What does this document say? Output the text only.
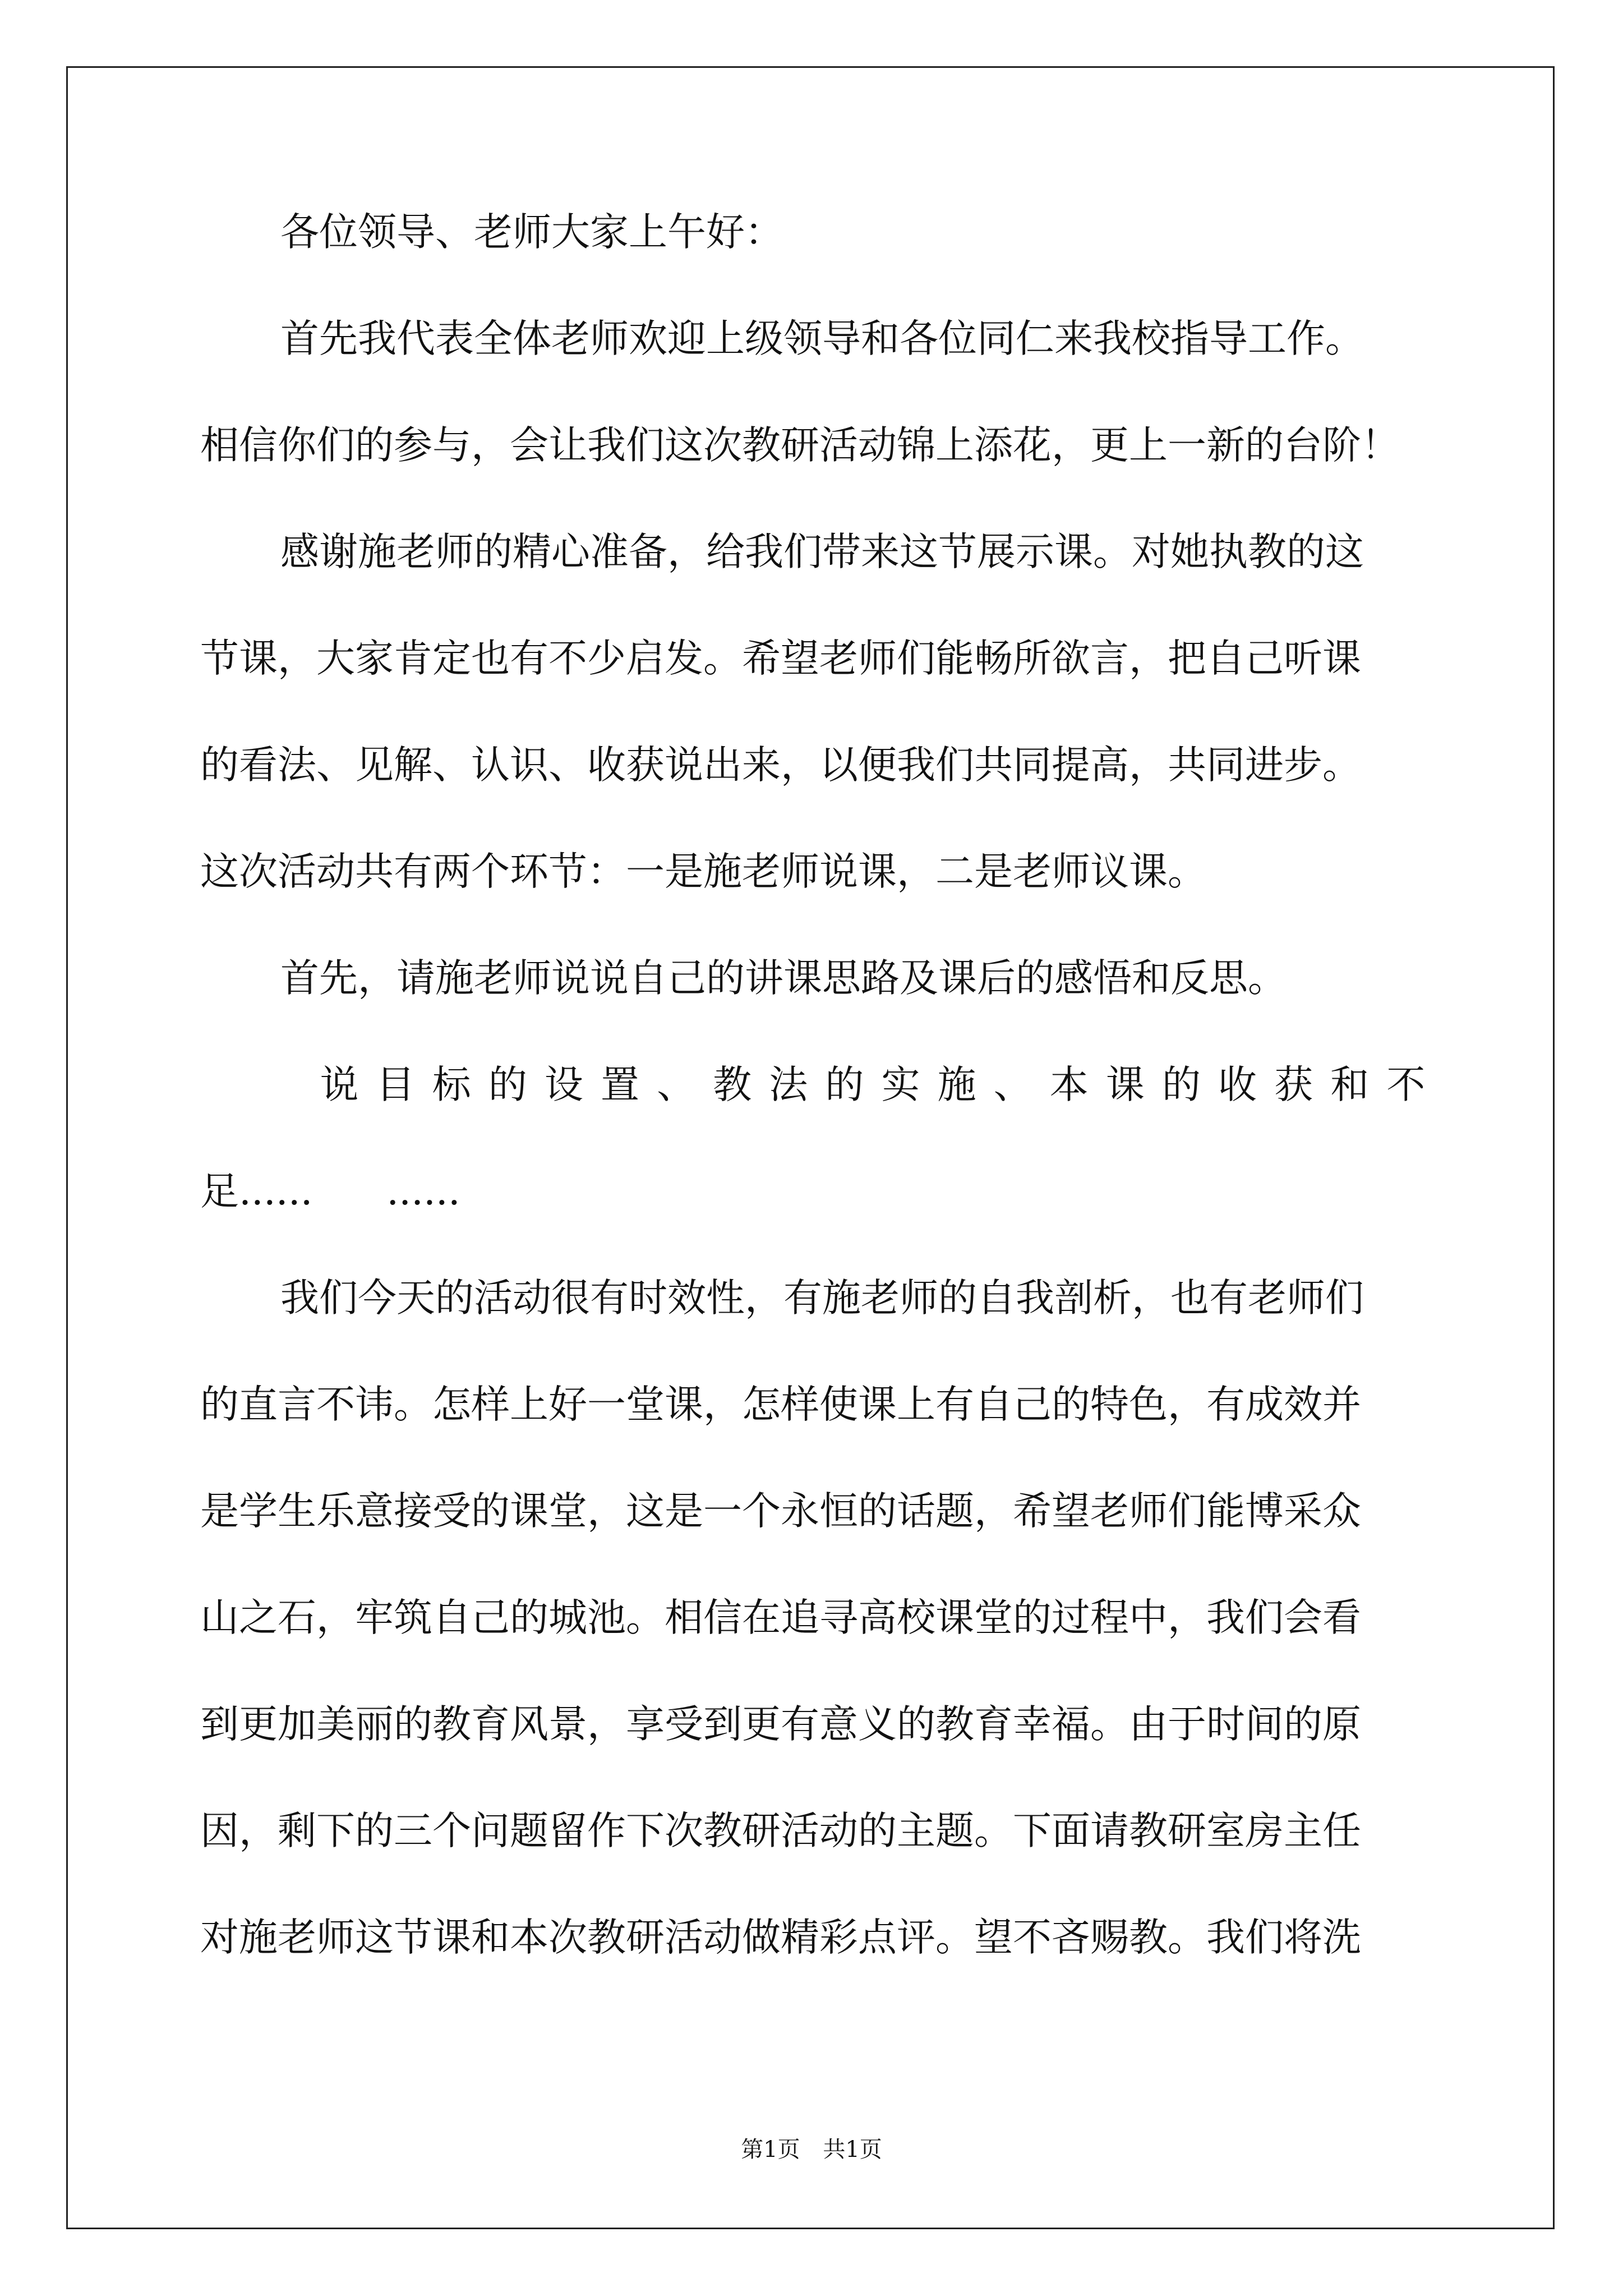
各位领导、老师大家上午好：
首先我代表全体老师欢迎上级领导和各位同仁来我校指导工作。
相信你们的参与，会让我们这次教研活动锦上添花，更上一新的台阶！
感谢施老师的精心准备，给我们带来这节展示课。对她执教的这
节课，大家肯定也有不少启发。希望老师们能畅所欲言，把自己听课
的看法、见解、认识、收获说出来，以便我们共同提高，共同进步。
这次活动共有两个环节：一是施老师说课，二是老师议课。
首先，请施老师说说自己的讲课思路及课后的感悟和反思。
说 目 标 的 设 置 、 教 法 的 实 施 、 本 课 的 收 获 和 不
足......      ......
我们今天的活动很有时效性，有施老师的自我剖析，也有老师们
的直言不讳。怎样上好一堂课，怎样使课上有自己的特色，有成效并
是学生乐意接受的课堂，这是一个永恒的话题，希望老师们能博采众
山之石，牢筑自己的城池。相信在追寻高校课堂的过程中，我们会看
到更加美丽的教育风景，享受到更有意义的教育幸福。由于时间的原
因，剩下的三个问题留作下次教研活动的主题。下面请教研室房主任
对施老师这节课和本次教研活动做精彩点评。望不吝赐教。我们将洗
第1页 共1页
